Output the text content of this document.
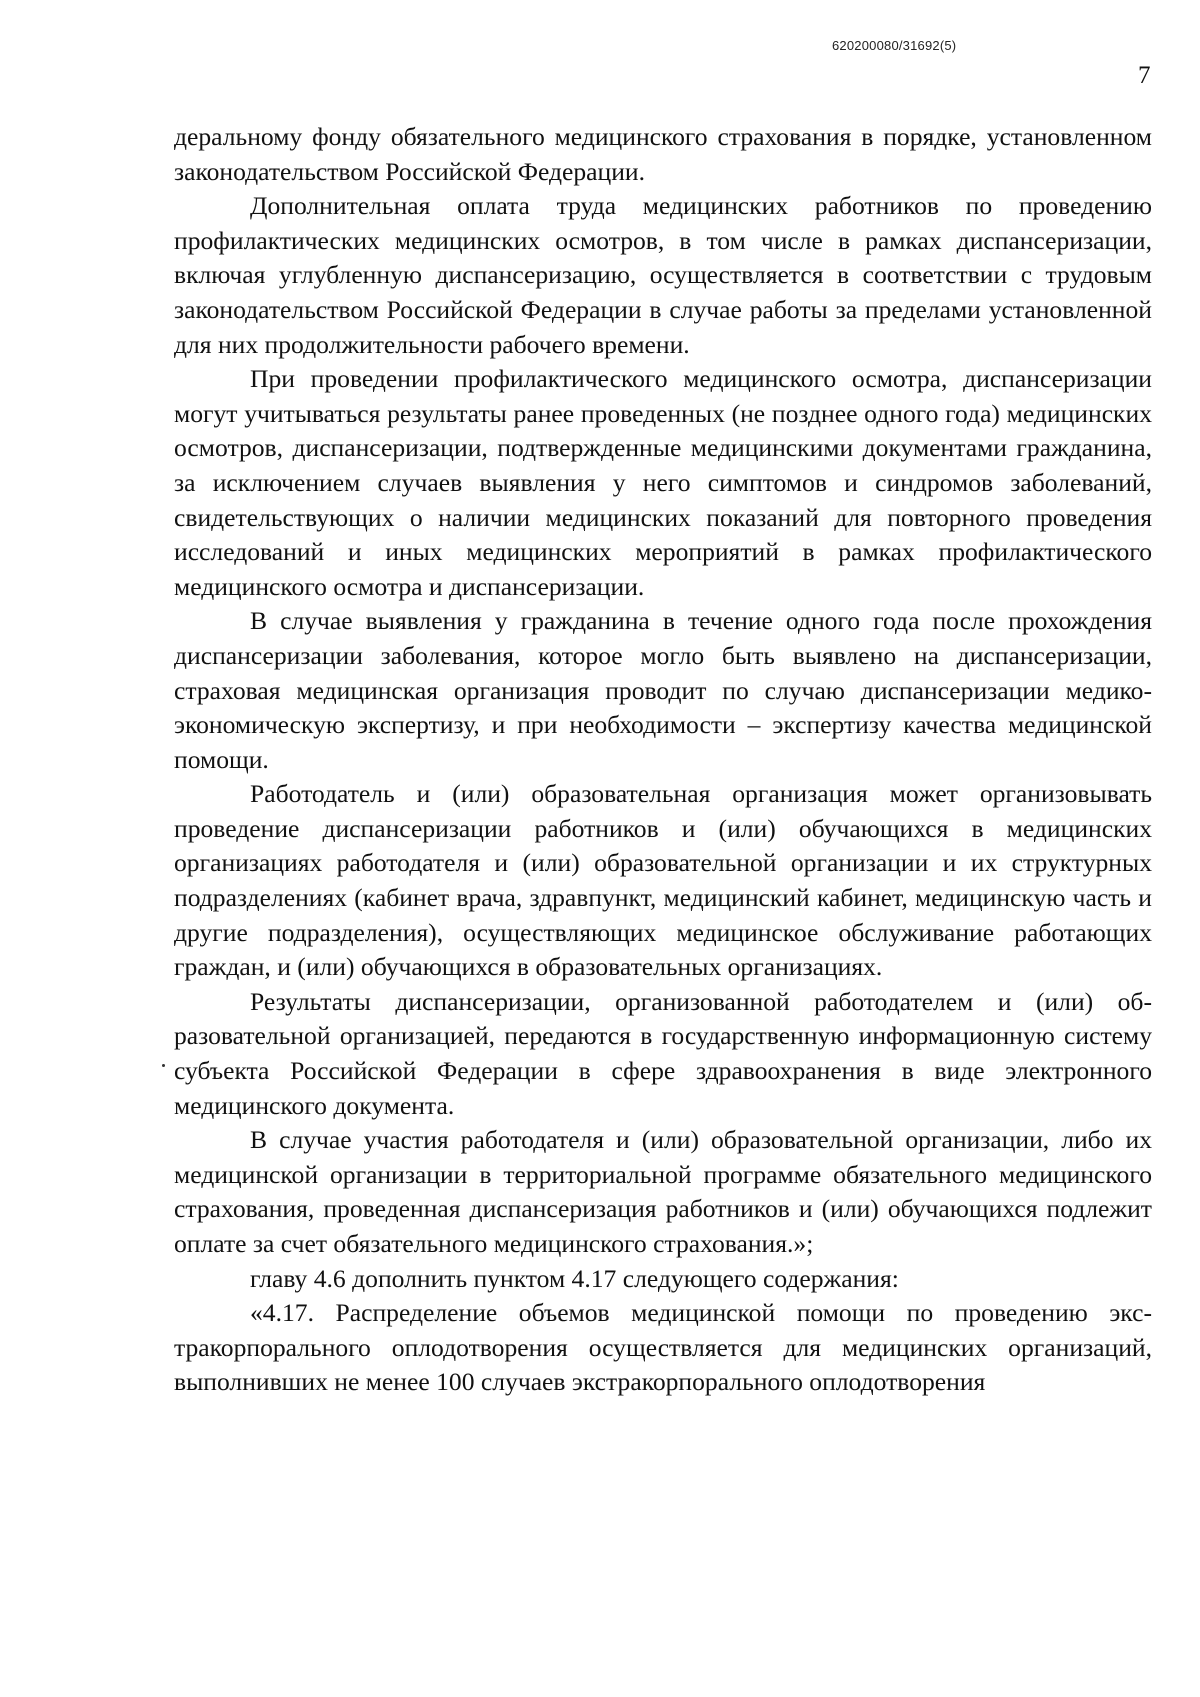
620200080/31692(5)
7

деральному фонду обязательного медицинского страхования в порядке, установленном законодательством Российской Федерации.

Дополнительная оплата труда медицинских работников по проведению профилактических медицинских осмотров, в том числе в рамках диспансеризации, включая углубленную диспансеризацию, осуществляется в соответствии с трудовым законодательством Российской Федерации в случае работы за пределами установленной для них продолжительности рабочего времени.

При проведении профилактического медицинского осмотра, диспансеризации могут учитываться результаты ранее проведенных (не позднее одного года) медицинских осмотров, диспансеризации, подтвержденные медицинскими документами гражданина, за исключением случаев выявления у него симптомов и синдромов заболеваний, свидетельствующих о наличии медицинских показаний для повторного проведения исследований и иных медицинских мероприятий в рамках профилактического медицинского осмотра и диспансеризации.

В случае выявления у гражданина в течение одного года после прохождения диспансеризации заболевания, которое могло быть выявлено на диспансеризации, страховая медицинская организация проводит по случаю диспансеризации медико-экономическую экспертизу, и при необходимости – экспертизу качества медицинской помощи.

Работодатель и (или) образовательная организация может организовывать проведение диспансеризации работников и (или) обучающихся в медицинских организациях работодателя и (или) образовательной организации и их структурных подразделениях (кабинет врача, здравпункт, медицинский кабинет, медицинскую часть и другие подразделения), осуществляющих медицинское обслуживание работающих граждан, и (или) обучающихся в образовательных организациях.

Результаты диспансеризации, организованной работодателем и (или) образовательной организацией, передаются в государственную информационную систему субъекта Российской Федерации в сфере здравоохранения в виде электронного медицинского документа.

В случае участия работодателя и (или) образовательной организации, либо их медицинской организации в территориальной программе обязательного медицинского страхования, проведенная диспансеризация работников и (или) обучающихся подлежит оплате за счет обязательного медицинского страхования.»;

главу 4.6 дополнить пунктом 4.17 следующего содержания:

«4.17. Распределение объемов медицинской помощи по проведению экстракорпорального оплодотворения осуществляется для медицинских организаций, выполнивших не менее 100 случаев экстракорпорального оплодотворения
